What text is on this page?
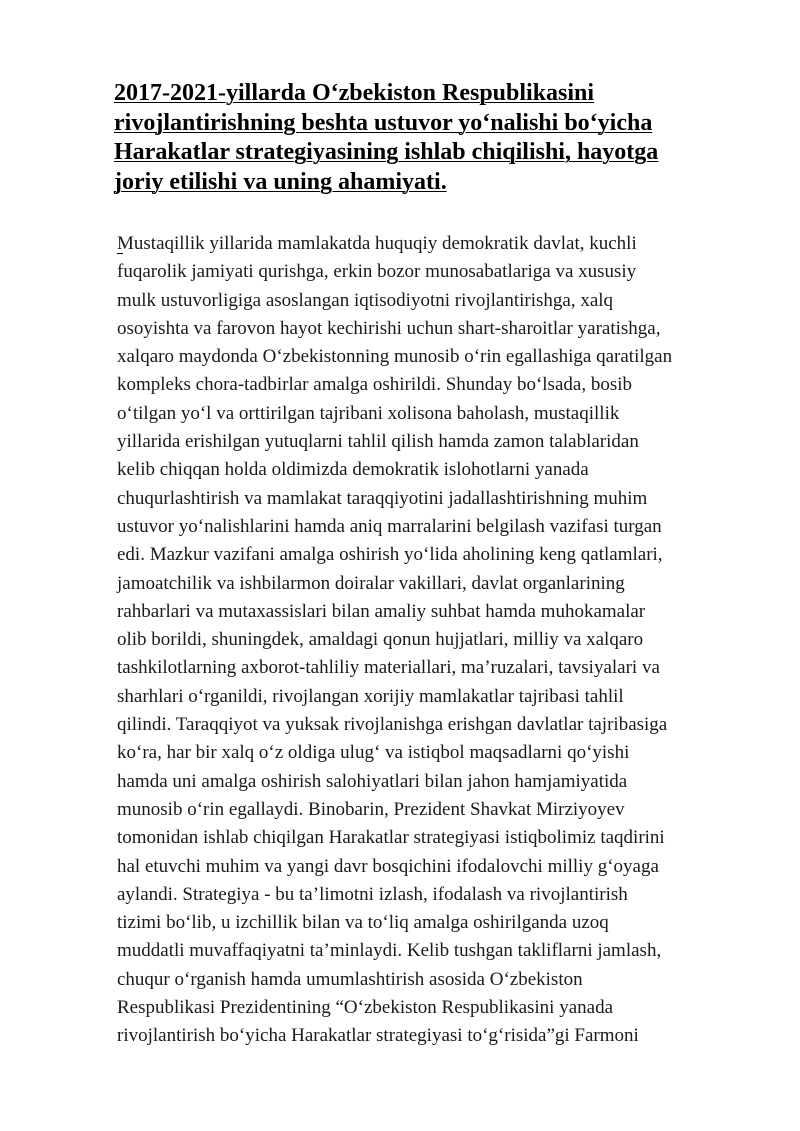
2017-2021-yillarda O‘zbekiston Respublikasini
rivojlantirishning beshta ustuvor yo‘nalishi bo‘yicha
Harakatlar strategiyasining ishlab chiqilishi, hayotga
joriy etilishi va uning ahamiyati.

Mustaqillik yillarida mamlakatda huquqiy demokratik davlat, kuchli
fuqarolik jamiyati qurishga, erkin bozor munosabatlariga va xususiy
mulk ustuvorligiga asoslangan iqtisodiyotni rivojlantirishga, xalq
osoyishta va farovon hayot kechirishi uchun shart-sharoitlar yaratishga,
xalqaro maydonda O‘zbekistonning munosib o‘rin egallashiga qaratilgan
kompleks chora-tadbirlar amalga oshirildi. Shunday bo‘lsada, bosib
o‘tilgan yo‘l va orttirilgan tajribani xolisona baholash, mustaqillik
yillarida erishilgan yutuqlarni tahlil qilish hamda zamon talablaridan
kelib chiqqan holda oldimizda demokratik islohotlarni yanada
chuqurlashtirish va mamlakat taraqqiyotini jadallashtirishning muhim
ustuvor yo‘nalishlarini hamda aniq marralarini belgilash vazifasi turgan
edi. Mazkur vazifani amalga oshirish yo‘lida aholining keng qatlamlari,
jamoatchilik va ishbilarmon doiralar vakillari, davlat organlarining
rahbarlari va mutaxassislari bilan amaliy suhbat hamda muhokamalar
olib borildi, shuningdek, amaldagi qonun hujjatlari, milliy va xalqaro
tashkilotlarning axborot-tahliliy materiallari, ma’ruzalari, tavsiyalari va
sharhlari o‘rganildi, rivojlangan xorijiy mamlakatlar tajribasi tahlil
qilindi. Taraqqiyot va yuksak rivojlanishga erishgan davlatlar tajribasiga
ko‘ra, har bir xalq o‘z oldiga ulug‘ va istiqbol maqsadlarni qo‘yishi
hamda uni amalga oshirish salohiyatlari bilan jahon hamjamiyatida
munosib o‘rin egallaydi. Binobarin, Prezident Shavkat Mirziyoyev
tomonidan ishlab chiqilgan Harakatlar strategiyasi istiqbolimiz taqdirini
hal etuvchi muhim va yangi davr bosqichini ifodalovchi milliy g‘oyaga
aylandi. Strategiya - bu ta’limotni izlash, ifodalash va rivojlantirish
tizimi bo‘lib, u izchillik bilan va to‘liq amalga oshirilganda uzoq
muddatli muvaffaqiyatni ta’minlaydi. Kelib tushgan takliflarni jamlash,
chuqur o‘rganish hamda umumlashtirish asosida O‘zbekiston
Respublikasi Prezidentining “O‘zbekiston Respublikasini yanada
rivojlantirish bo‘yicha Harakatlar strategiyasi to‘g‘risida”gi Farmoni
